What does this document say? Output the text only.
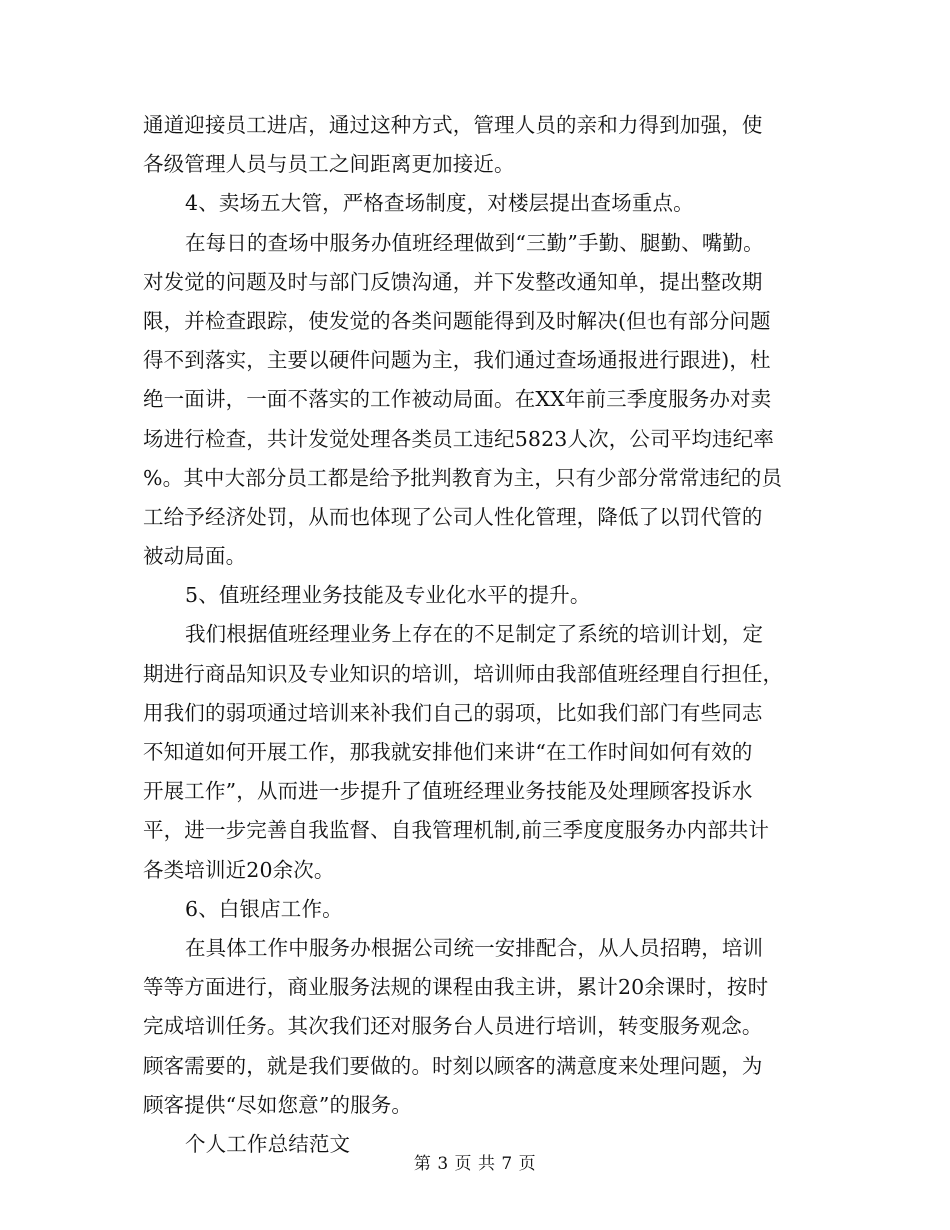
通道迎接员工进店，通过这种方式，管理人员的亲和力得到加强，使
各级管理人员与员工之间距离更加接近。
4、卖场五大管，严格查场制度，对楼层提出查场重点。
在每日的查场中服务办值班经理做到“三勤”手勤、腿勤、嘴勤。
对发觉的问题及时与部门反馈沟通，并下发整改通知单，提出整改期
限，并检查跟踪，使发觉的各类问题能得到及时解决(但也有部分问题
得不到落实，主要以硬件问题为主，我们通过查场通报进行跟进)，杜
绝一面讲，一面不落实的工作被动局面。在XX年前三季度服务办对卖
场进行检查，共计发觉处理各类员工违纪5823人次，公司平均违纪率
%。其中大部分员工都是给予批判教育为主，只有少部分常常违纪的员
工给予经济处罚，从而也体现了公司人性化管理，降低了以罚代管的
被动局面。
5、值班经理业务技能及专业化水平的提升。
我们根据值班经理业务上存在的不足制定了系统的培训计划，定
期进行商品知识及专业知识的培训，培训师由我部值班经理自行担任，
用我们的弱项通过培训来补我们自己的弱项，比如我们部门有些同志
不知道如何开展工作，那我就安排他们来讲“在工作时间如何有效的
开展工作”，从而进一步提升了值班经理业务技能及处理顾客投诉水
平，进一步完善自我监督、自我管理机制,前三季度度服务办内部共计
各类培训近20余次。
6、白银店工作。
在具体工作中服务办根据公司统一安排配合，从人员招聘，培训
等等方面进行，商业服务法规的课程由我主讲，累计20余课时，按时
完成培训任务。其次我们还对服务台人员进行培训，转变服务观念。
顾客需要的，就是我们要做的。时刻以顾客的满意度来处理问题，为
顾客提供“尽如您意”的服务。
个人工作总结范文
第 3 页 共 7 页
